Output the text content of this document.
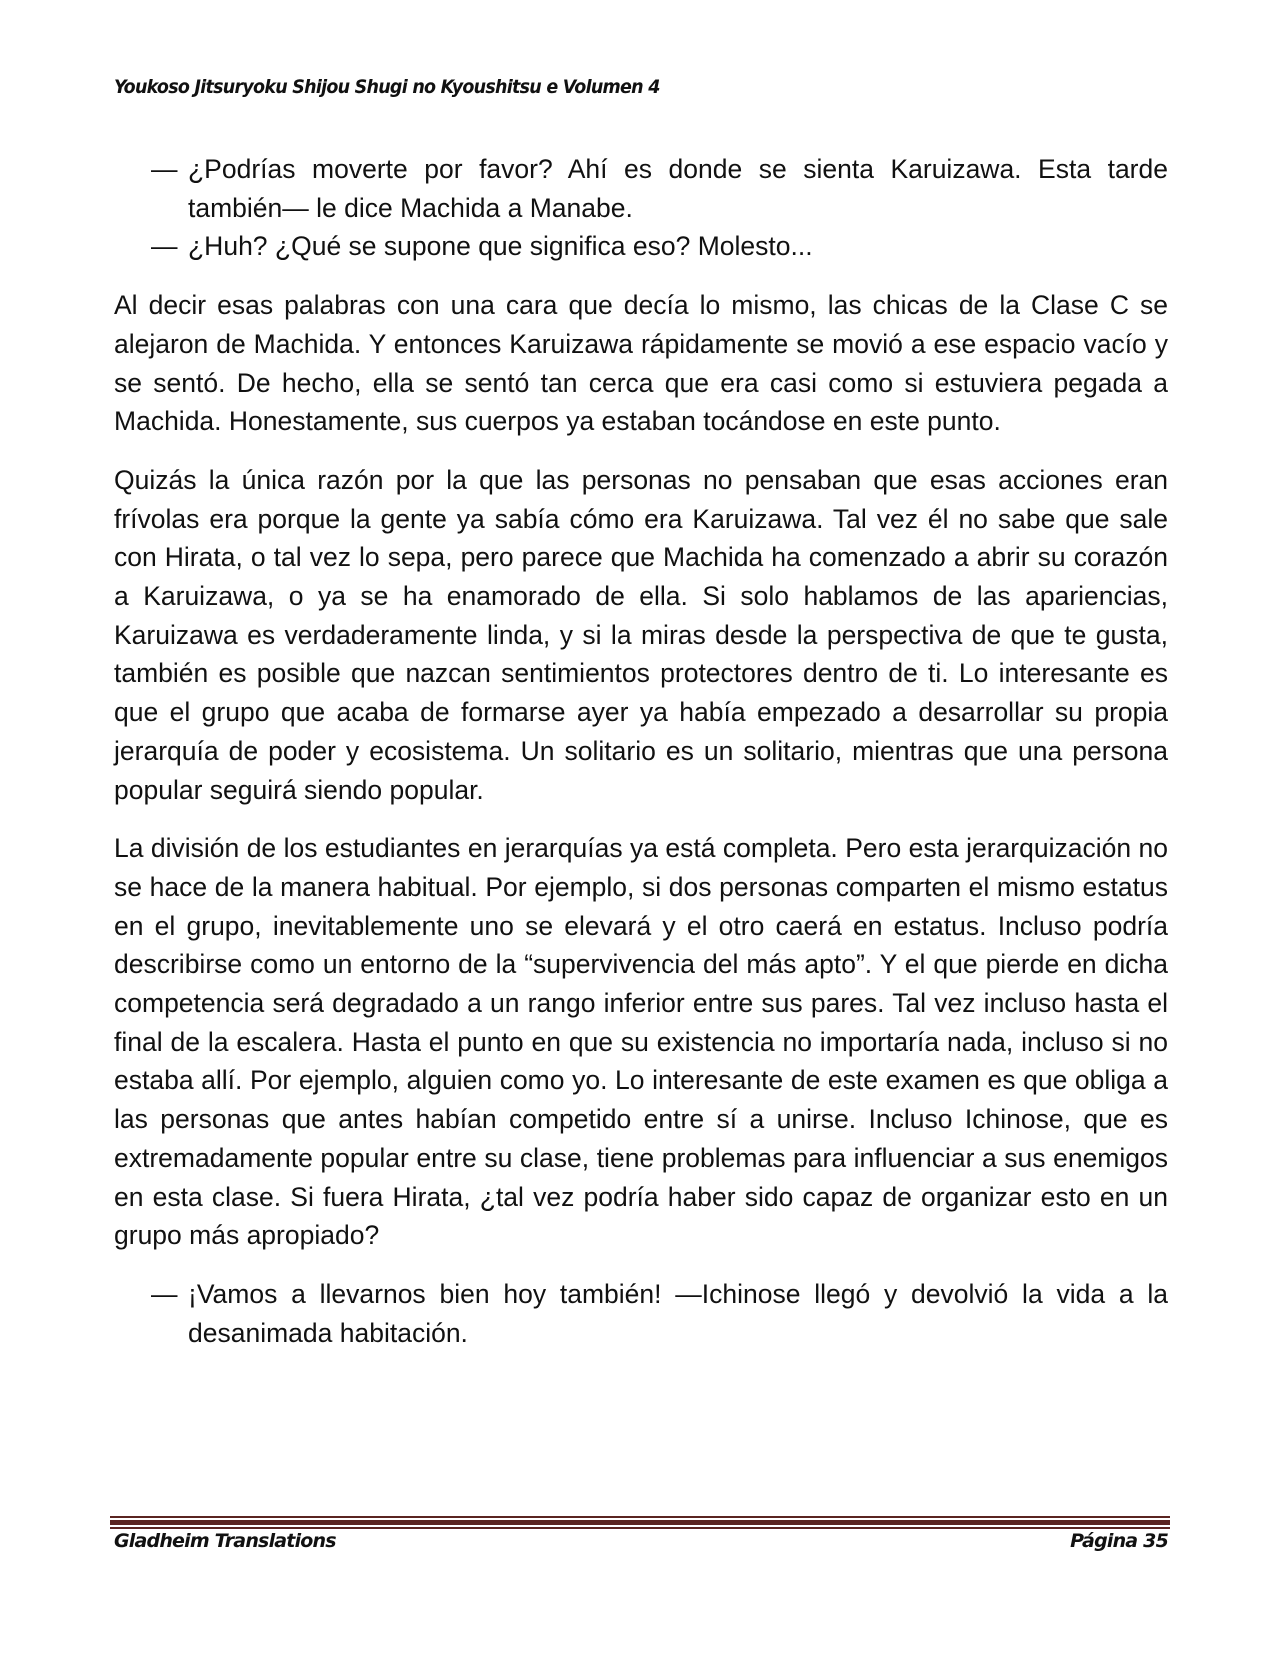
Youkoso Jitsuryoku Shijou Shugi no Kyoushitsu e Volumen 4

— ¿Podrías moverte por favor? Ahí es donde se sienta Karuizawa. Esta tarde también— le dice Machida a Manabe.

— ¿Huh? ¿Qué se supone que significa eso? Molesto...

Al decir esas palabras con una cara que decía lo mismo, las chicas de la Clase C se alejaron de Machida. Y entonces Karuizawa rápidamente se movió a ese espacio vacío y se sentó. De hecho, ella se sentó tan cerca que era casi como si estuviera pegada a Machida. Honestamente, sus cuerpos ya estaban tocándose en este punto.

Quizás la única razón por la que las personas no pensaban que esas acciones eran frívolas era porque la gente ya sabía cómo era Karuizawa. Tal vez él no sabe que sale con Hirata, o tal vez lo sepa, pero parece que Machida ha comenzado a abrir su corazón a Karuizawa, o ya se ha enamorado de ella. Si solo hablamos de las apariencias, Karuizawa es verdaderamente linda, y si la miras desde la perspectiva de que te gusta, también es posible que nazcan sentimientos protectores dentro de ti. Lo interesante es que el grupo que acaba de formarse ayer ya había empezado a desarrollar su propia jerarquía de poder y ecosistema. Un solitario es un solitario, mientras que una persona popular seguirá siendo popular.

La división de los estudiantes en jerarquías ya está completa. Pero esta jerarquización no se hace de la manera habitual. Por ejemplo, si dos personas comparten el mismo estatus en el grupo, inevitablemente uno se elevará y el otro caerá en estatus. Incluso podría describirse como un entorno de la “supervivencia del más apto”. Y el que pierde en dicha competencia será degradado a un rango inferior entre sus pares. Tal vez incluso hasta el final de la escalera. Hasta el punto en que su existencia no importaría nada, incluso si no estaba allí. Por ejemplo, alguien como yo. Lo interesante de este examen es que obliga a las personas que antes habían competido entre sí a unirse. Incluso Ichinose, que es extremadamente popular entre su clase, tiene problemas para influenciar a sus enemigos en esta clase. Si fuera Hirata, ¿tal vez podría haber sido capaz de organizar esto en un grupo más apropiado?

— ¡Vamos a llevarnos bien hoy también! —Ichinose llegó y devolvió la vida a la desanimada habitación.

Gladheim Translations	Página 35
